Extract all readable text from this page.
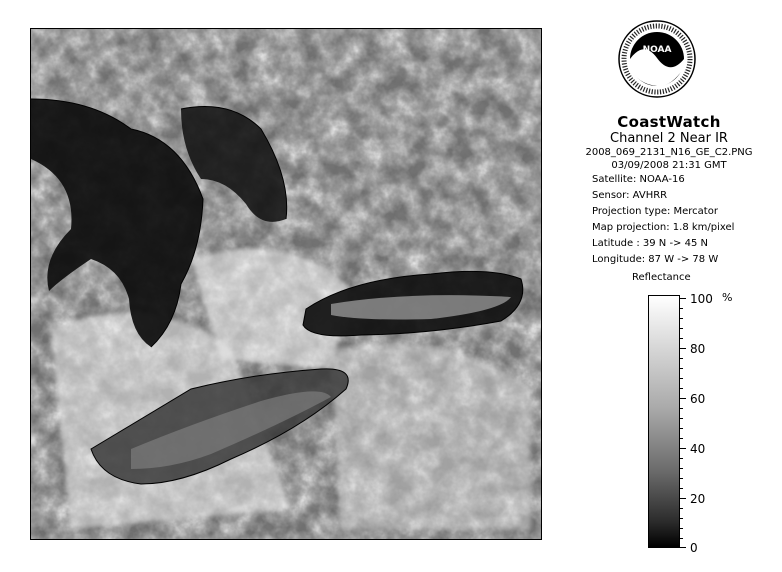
NOAA
CoastWatch
Channel 2 Near IR
2008_069_2131_N16_GE_C2.PNG
03/09/2008 21:31 GMT
Satellite: NOAA-16
Sensor: AVHRR
Projection type: Mercator
Map projection: 1.8 km/pixel
Latitude : 39 N -> 45 N
Longitude: 87 W -> 78 W
Reflectance
%
100
80
60
40
20
0
